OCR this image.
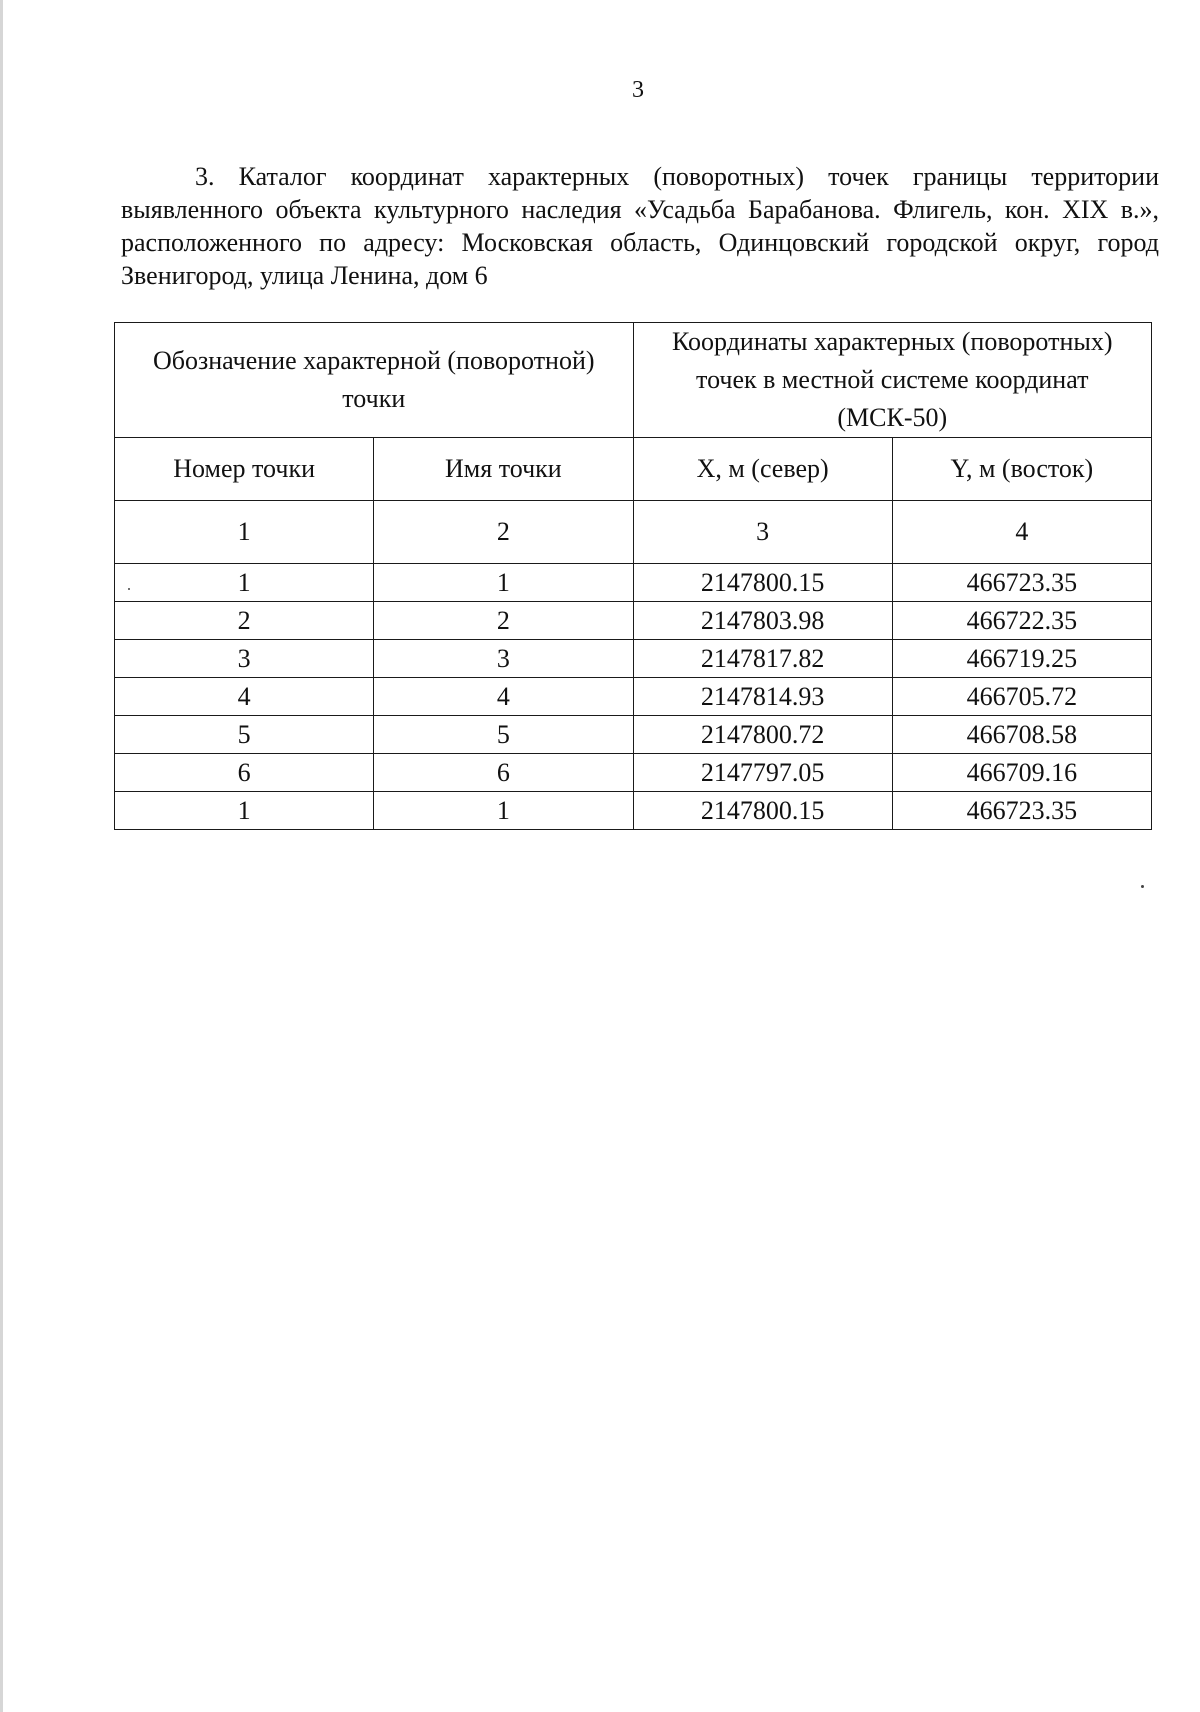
3

3. Каталог координат характерных (поворотных) точек границы территории выявленного объекта культурного наследия «Усадьба Барабанова. Флигель, кон. XIX в.», расположенного по адресу: Московская область, Одинцовский городской округ, город Звенигород, улица Ленина, дом 6

Обозначение характерной (поворотной) точки		Координаты характерных (поворотных) точек в местной системе координат (МСК-50)	
Номер точки	Имя точки	X, м (север)	Y, м (восток)
1	2	3	4
1	1	2147800.15	466723.35
2	2	2147803.98	466722.35
3	3	2147817.82	466719.25
4	4	2147814.93	466705.72
5	5	2147800.72	466708.58
6	6	2147797.05	466709.16
1	1	2147800.15	466723.35
